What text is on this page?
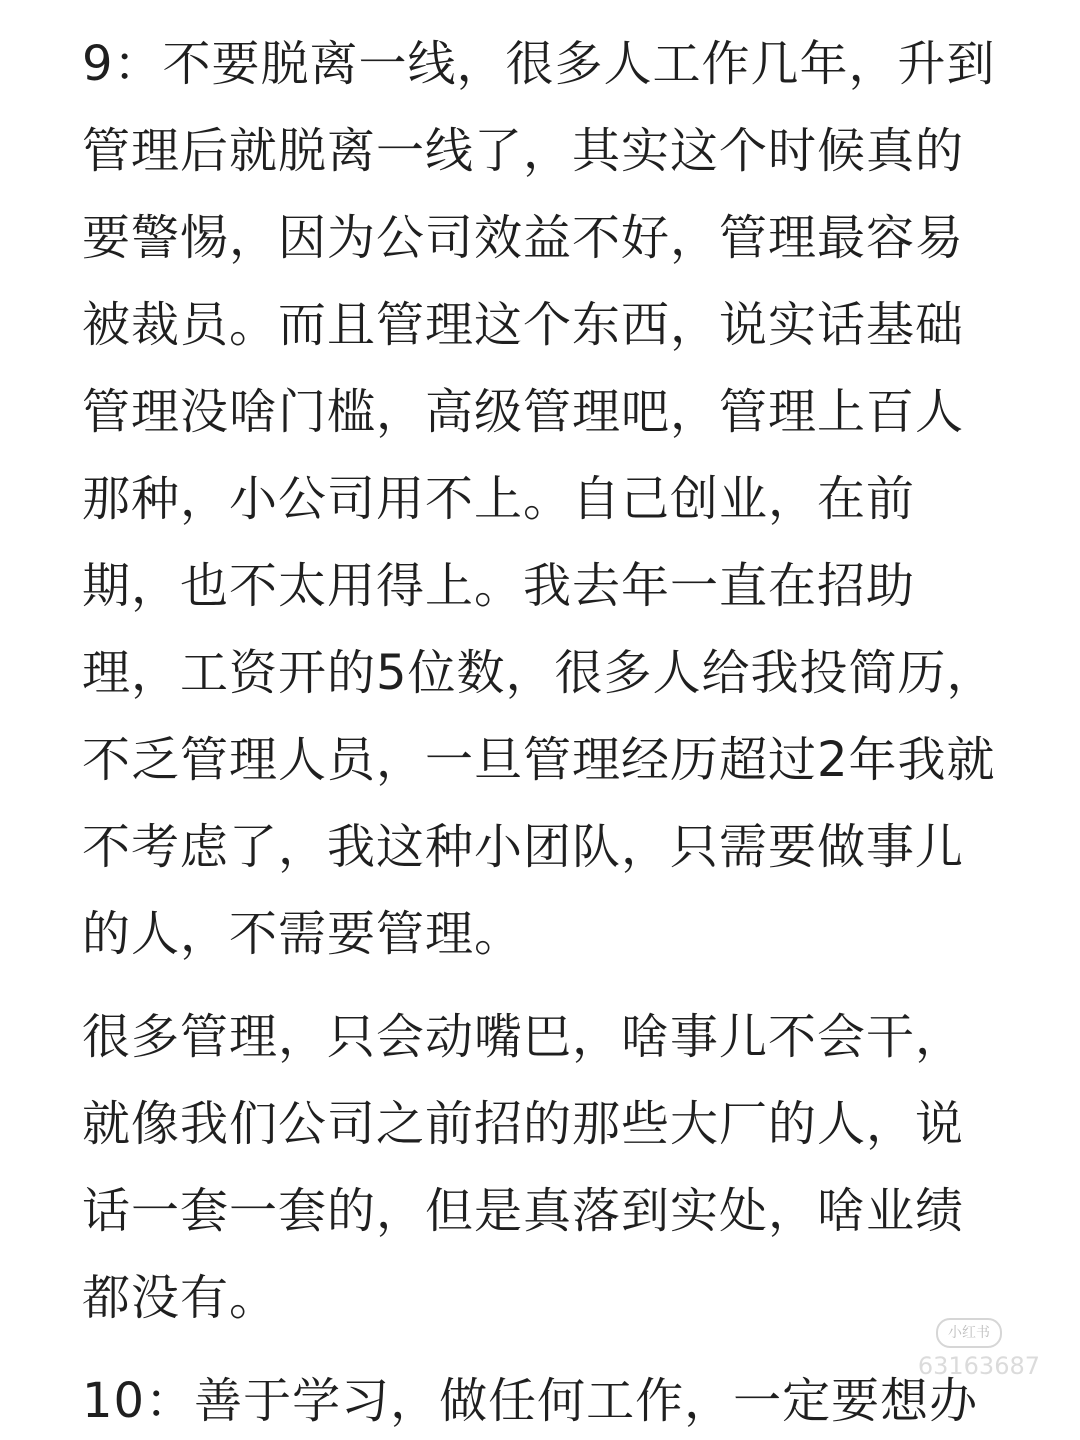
9：不要脱离一线，很多人工作几年，升到
管理后就脱离一线了，其实这个时候真的
要警惕，因为公司效益不好，管理最容易
被裁员。而且管理这个东西，说实话基础
管理没啥门槛，高级管理吧，管理上百人
那种，小公司用不上。自己创业，在前
期，也不太用得上。我去年一直在招助
理，工资开的5位数，很多人给我投简历，
不乏管理人员，一旦管理经历超过2年我就
不考虑了，我这种小团队，只需要做事儿
的人，不需要管理。
很多管理，只会动嘴巴，啥事儿不会干，
就像我们公司之前招的那些大厂的人，说
话一套一套的，但是真落到实处，啥业绩
都没有。
10：善于学习，做任何工作，一定要想办
小红书
63163687
